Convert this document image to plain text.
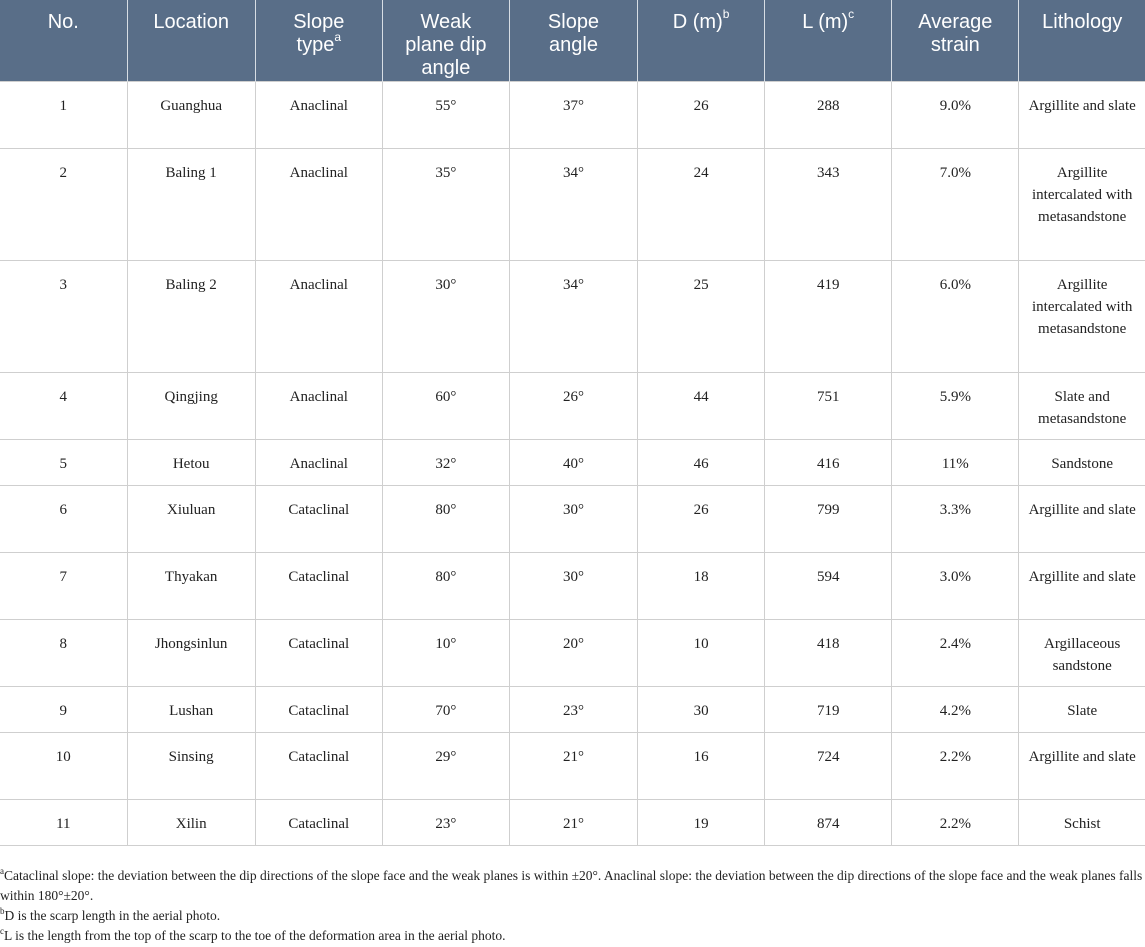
No.	Location	Slope type$^a$	Weak plane dip angle	Slope angle	D $(m)^b$	L $(m)^c$	Average strain	Lithology
1	Guanghua	Anaclinal	55°	37°	26	288	9.0%	Argillite and slate
2	Baling 1	Anaclinal	35°	34°	24	343	7.0%	Argillite intercalated with metasandstone
3	Baling 2	Anaclinal	30°	34°	25	419	6.0%	Argillite intercalated with metasandstone
4	Qingjing	Anaclinal	60°	26°	44	751	5.9%	Slate and metasandstone
5	Hetou	Anaclinal	32°	40°	46	416	11%	Sandstone
6	Xiuluan	Cataclinal	80°	30°	26	799	3.3%	Argillite and slate
7	Thyakan	Cataclinal	80°	30°	18	594	3.0%	Argillite and slate
8	Jhongsinlun	Cataclinal	10°	20°	10	418	2.4%	Argillaceous sandstone
9	Lushan	Cataclinal	70°	23°	30	719	4.2%	Slate
10	Sinsing	Cataclinal	29°	21°	16	724	2.2%	Argillite and slate
11	Xilin	Cataclinal	23°	21°	19	874	2.2%	Schist

$^a$Cataclinal slope: the deviation between the dip directions of the slope face and the weak planes is within ±20°. Anaclinal slope: the deviation between the dip directions of the slope face and the weak planes falls within 180°±20°.

$^b$D is the scarp length in the aerial photo.

$^c$L is the length from the top of the scarp to the toe of the deformation area in the aerial photo.
